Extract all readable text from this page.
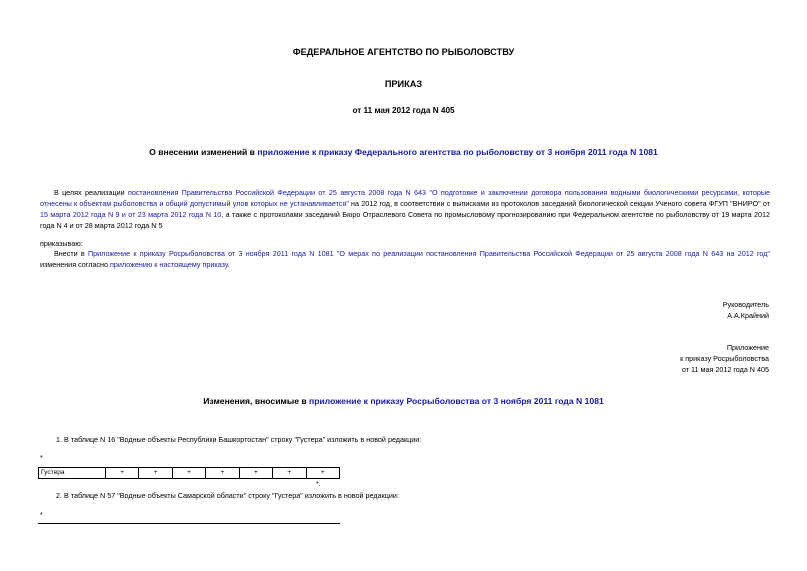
ФЕДЕРАЛЬНОЕ АГЕНТСТВО ПО РЫБОЛОВСТВУ
ПРИКАЗ
от 11 мая 2012 года N 405
О внесении изменений в приложение к приказу Федерального агентства по рыболовству от 3 ноября 2011 года N 1081
В целях реализации постановления Правительства Российской Федерации от 25 августа 2008 года N 643 "О подготовке и заключении договора пользования водными биологическими ресурсами, которые отнесены к объектам рыболовства и общий допустимый улов которых не устанавливается" на 2012 год, в соответствии с выписками из протоколов заседаний биологической секции Ученого совета ФГУП "ВНИРО" от 15 марта 2012 года N 9 и от 23 марта 2012 года N 10, а также с протоколами заседаний Бюро Отраслевого Совета по промысловому прогнозированию при Федеральном агентстве по рыболовству от 19 марта 2012 года N 4 и от 28 марта 2012 года N 5
приказываю:
Внести в Приложение к приказу Росрыболовства от 3 ноября 2011 года N 1081 "О мерах по реализации постановления Правительства Российской Федерации от 25 августа 2008 года N 643 на 2012 год" изменения согласно приложению к настоящему приказу.
Руководитель
А.А.Крайний
Приложение
к приказу Росрыболовства
от 11 мая 2012 года N 405
Изменения, вносимые в приложение к приказу Росрыболовства от 3 ноября 2011 года N 1081
1. В таблице N 16 "Водные объекты Республики Башкортостан" строку "Густера" изложить в новой редакции:
*
Густера	+	+	+	+	+	+	+
*.
2. В таблице N 57 "Водные объекты Самарской области" строку "Густера" изложить в новой редакции:
*
